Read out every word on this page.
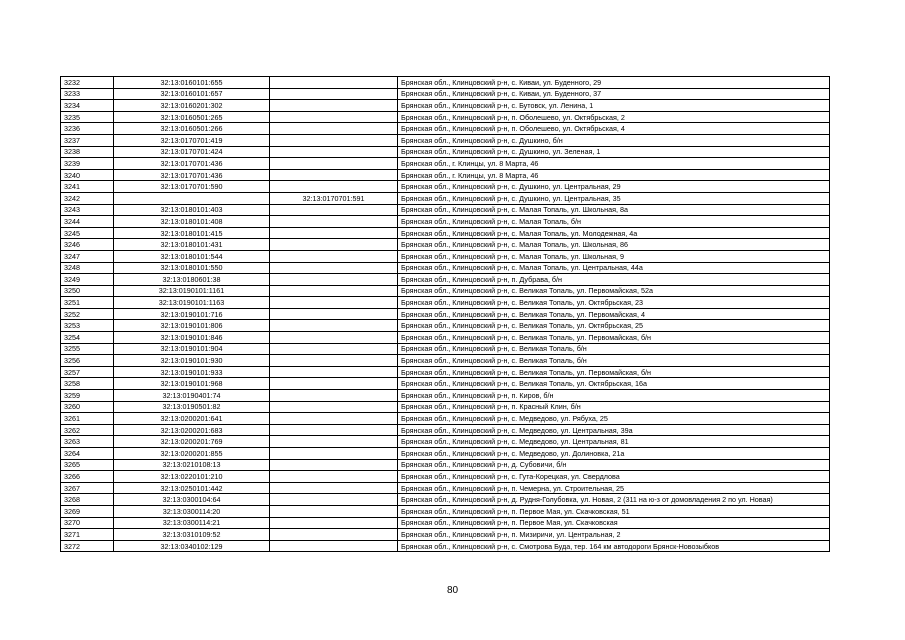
3232	32:13:0160101:655		Брянская обл., Клинцовский р-н, с. Киваи, ул. Буденного, 29
3233	32:13:0160101:657		Брянская обл., Клинцовский р-н, с. Киваи, ул. Буденного, 37
3234	32:13:0160201:302		Брянская обл., Клинцовский р-н, с. Бутовск, ул. Ленина, 1
3235	32:13:0160501:265		Брянская обл., Клинцовский р-н, п. Оболешево, ул. Октябрьская, 2
3236	32:13:0160501:266		Брянская обл., Клинцовский р-н, п. Оболешево, ул. Октябрьская, 4
3237	32:13:0170701:419		Брянская обл., Клинцовский р-н, с. Душкино, б/н
3238	32:13:0170701:424		Брянская обл., Клинцовский р-н, с. Душкино, ул. Зеленая, 1
3239	32:13:0170701:436		Брянская обл., г. Клинцы, ул. 8 Марта, 46
3240	32:13:0170701:436		Брянская обл., г. Клинцы, ул. 8 Марта, 46
3241	32:13:0170701:590		Брянская обл., Клинцовский р-н, с. Душкино, ул. Центральная, 29
3242		32:13:0170701:591	Брянская обл., Клинцовский р-н, с. Душкино, ул. Центральная, 35
3243	32:13:0180101:403		Брянская обл., Клинцовский р-н, с. Малая Топаль, ул. Школьная, 8а
3244	32:13:0180101:408		Брянская обл., Клинцовский р-н, с. Малая Топаль, б/н
3245	32:13:0180101:415		Брянская обл., Клинцовский р-н, с. Малая Топаль, ул. Молодежная, 4а
3246	32:13:0180101:431		Брянская обл., Клинцовский р-н, с. Малая Топаль, ул. Школьная, 86
3247	32:13:0180101:544		Брянская обл., Клинцовский р-н, с. Малая Топаль, ул. Школьная, 9
3248	32:13:0180101:550		Брянская обл., Клинцовский р-н, с. Малая Топаль, ул. Центральная, 44а
3249	32:13:0180601:38		Брянская обл., Клинцовский р-н, п. Дубрава, б/н
3250	32:13:0190101:1161		Брянская обл., Клинцовский р-н, с. Великая Топаль, ул. Первомайская, 52а
3251	32:13:0190101:1163		Брянская обл., Клинцовский р-н, с. Великая Топаль, ул. Октябрьская, 23
3252	32:13:0190101:716		Брянская обл., Клинцовский р-н, с. Великая Топаль, ул. Первомайская, 4
3253	32:13:0190101:806		Брянская обл., Клинцовский р-н, с. Великая Топаль, ул. Октябрьская, 25
3254	32:13:0190101:846		Брянская обл., Клинцовский р-н, с. Великая Топаль, ул. Первомайская, б/н
3255	32:13:0190101:904		Брянская обл., Клинцовский р-н, с. Великая Топаль, б/н
3256	32:13:0190101:930		Брянская обл., Клинцовский р-н, с. Великая Топаль, б/н
3257	32:13:0190101:933		Брянская обл., Клинцовский р-н, с. Великая Топаль, ул. Первомайская, б/н
3258	32:13:0190101:968		Брянская обл., Клинцовский р-н, с. Великая Топаль, ул. Октябрьская, 16а
3259	32:13:0190401:74		Брянская обл., Клинцовский р-н, п. Киров, б/н
3260	32:13:0190501:82		Брянская обл., Клинцовский р-н, п. Красный Клин, б/н
3261	32:13:0200201:641		Брянская обл., Клинцовский р-н, с. Медведово, ул. Рябуха, 25
3262	32:13:0200201:683		Брянская обл., Клинцовский р-н, с. Медведово, ул. Центральная, 39а
3263	32:13:0200201:769		Брянская обл., Клинцовский р-н, с. Медведово, ул. Центральная, 81
3264	32:13:0200201:855		Брянская обл., Клинцовский р-н, с. Медведово, ул. Долиновка, 21а
3265	32:13:0210108:13		Брянская обл., Клинцовский р-н, д. Субовичи, б/н
3266	32:13:0220101:210		Брянская обл., Клинцовский р-н, с. Гута-Корецкая, ул. Свердлова
3267	32:13:0250101:442		Брянская обл., Клинцовский р-н, п. Чемерна, ул. Строительная, 25
3268	32:13:0300104:64		Брянская обл., Клинцовский р-н, д. Рудня-Голубовка, ул. Новая, 2 (311 на ю-з от домовладения 2 по ул. Новая)
3269	32:13:0300114:20		Брянская обл., Клинцовский р-н, п. Первое Мая, ул. Скачковская, 51
3270	32:13:0300114:21		Брянская обл., Клинцовский р-н, п. Первое Мая, ул. Скачковская
3271	32:13:0310109:52		Брянская обл., Клинцовский р-н, п. Мизиричи, ул. Центральная, 2
3272	32:13:0340102:129		Брянская обл., Клинцовский р-н, с. Смотрова Буда, тер. 164 км автодороги Брянск-Новозыбков
80
